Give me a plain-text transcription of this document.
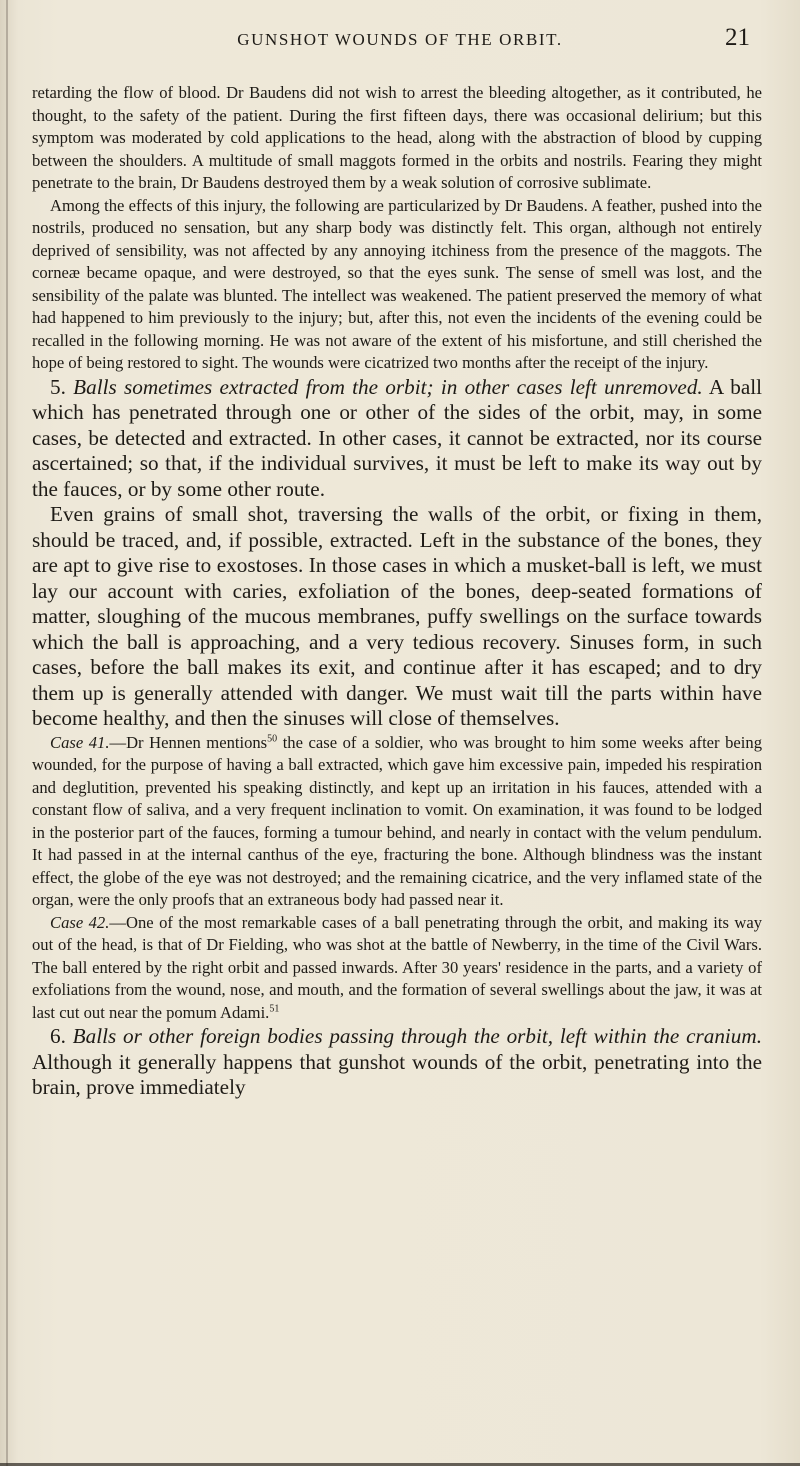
GUNSHOT WOUNDS OF THE ORBIT.	21

retarding the flow of blood. Dr Baudens did not wish to arrest the bleeding altogether, as it contributed, he thought, to the safety of the patient. During the first fifteen days, there was occasional delirium; but this symptom was moderated by cold applications to the head, along with the abstraction of blood by cupping between the shoulders. A multitude of small maggots formed in the orbits and nostrils. Fearing they might penetrate to the brain, Dr Baudens destroyed them by a weak solution of corrosive sublimate.

Among the effects of this injury, the following are particularized by Dr Baudens. A feather, pushed into the nostrils, produced no sensation, but any sharp body was distinctly felt. This organ, although not entirely deprived of sensibility, was not affected by any annoying itchiness from the presence of the maggots. The corneæ became opaque, and were destroyed, so that the eyes sunk. The sense of smell was lost, and the sensibility of the palate was blunted. The intellect was weakened. The patient preserved the memory of what had happened to him previously to the injury; but, after this, not even the incidents of the evening could be recalled in the following morning. He was not aware of the extent of his misfortune, and still cherished the hope of being restored to sight. The wounds were cicatrized two months after the receipt of the injury.

5. Balls sometimes extracted from the orbit; in other cases left unremoved. A ball which has penetrated through one or other of the sides of the orbit, may, in some cases, be detected and extracted. In other cases, it cannot be extracted, nor its course ascertained; so that, if the individual survives, it must be left to make its way out by the fauces, or by some other route.

Even grains of small shot, traversing the walls of the orbit, or fixing in them, should be traced, and, if possible, extracted. Left in the substance of the bones, they are apt to give rise to exostoses. In those cases in which a musket-ball is left, we must lay our account with caries, exfoliation of the bones, deep-seated formations of matter, sloughing of the mucous membranes, puffy swellings on the surface towards which the ball is approaching, and a very tedious recovery. Sinuses form, in such cases, before the ball makes its exit, and continue after it has escaped; and to dry them up is generally attended with danger. We must wait till the parts within have become healthy, and then the sinuses will close of themselves.

Case 41.—Dr Hennen mentions$^{50}$ the case of a soldier, who was brought to him some weeks after being wounded, for the purpose of having a ball extracted, which gave him excessive pain, impeded his respiration and deglutition, prevented his speaking distinctly, and kept up an irritation in his fauces, attended with a constant flow of saliva, and a very frequent inclination to vomit. On examination, it was found to be lodged in the posterior part of the fauces, forming a tumour behind, and nearly in contact with the velum pendulum. It had passed in at the internal canthus of the eye, fracturing the bone. Although blindness was the instant effect, the globe of the eye was not destroyed; and the remaining cicatrice, and the very inflamed state of the organ, were the only proofs that an extraneous body had passed near it.

Case 42.—One of the most remarkable cases of a ball penetrating through the orbit, and making its way out of the head, is that of Dr Fielding, who was shot at the battle of Newberry, in the time of the Civil Wars. The ball entered by the right orbit and passed inwards. After 30 years' residence in the parts, and a variety of exfoliations from the wound, nose, and mouth, and the formation of several swellings about the jaw, it was at last cut out near the pomum Adami.$^{51}$

6. Balls or other foreign bodies passing through the orbit, left within the cranium. Although it generally happens that gunshot wounds of the orbit, penetrating into the brain, prove immediately
